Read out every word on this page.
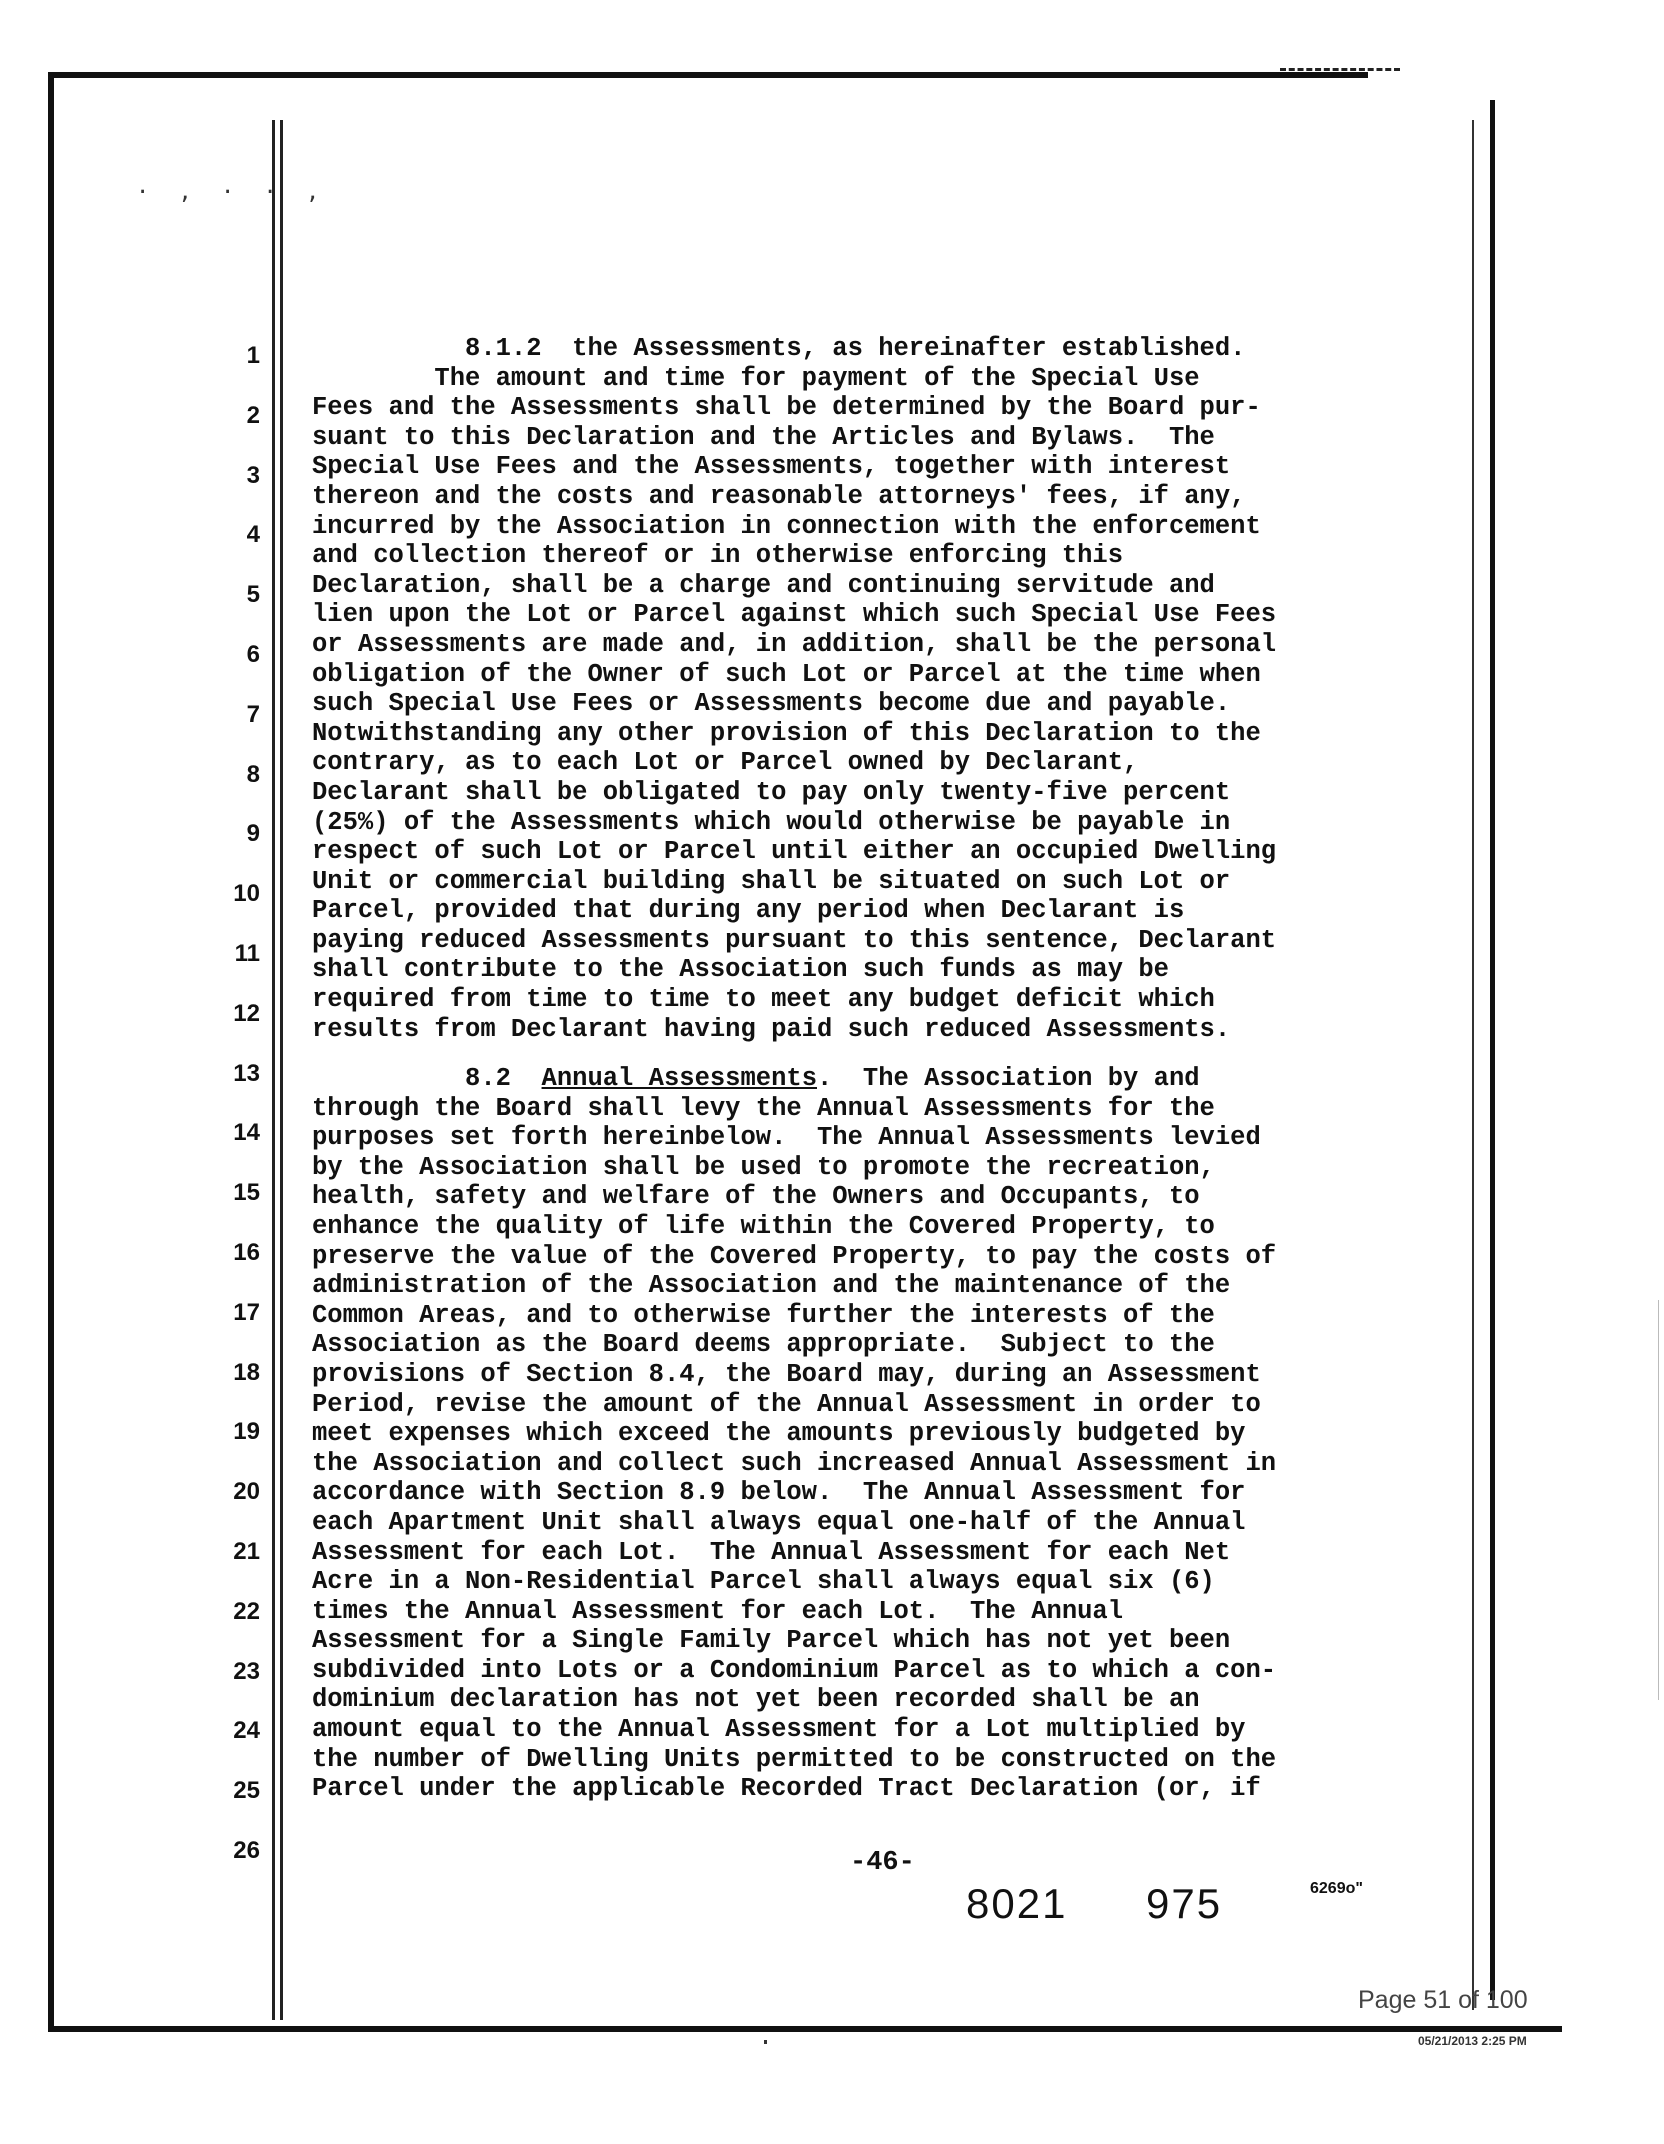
· , · · ,
1
2
3
4
5
6
7
8
9
10
11
12
13
14
15
16
17
18
19
20
21
22
23
24
25
26
8.1.2  the Assessments, as hereinafter established.
The amount and time for payment of the Special Use
Fees and the Assessments shall be determined by the Board pur-
suant to this Declaration and the Articles and Bylaws.  The
Special Use Fees and the Assessments, together with interest
thereon and the costs and reasonable attorneys' fees, if any,
incurred by the Association in connection with the enforcement
and collection thereof or in otherwise enforcing this
Declaration, shall be a charge and continuing servitude and
lien upon the Lot or Parcel against which such Special Use Fees
or Assessments are made and, in addition, shall be the personal
obligation of the Owner of such Lot or Parcel at the time when
such Special Use Fees or Assessments become due and payable.
Notwithstanding any other provision of this Declaration to the
contrary, as to each Lot or Parcel owned by Declarant,
Declarant shall be obligated to pay only twenty-five percent
(25%) of the Assessments which would otherwise be payable in
respect of such Lot or Parcel until either an occupied Dwelling
Unit or commercial building shall be situated on such Lot or
Parcel, provided that during any period when Declarant is
paying reduced Assessments pursuant to this sentence, Declarant
shall contribute to the Association such funds as may be
required from time to time to meet any budget deficit which
results from Declarant having paid such reduced Assessments.
8.2  Annual Assessments.  The Association by and
through the Board shall levy the Annual Assessments for the
purposes set forth hereinbelow.  The Annual Assessments levied
by the Association shall be used to promote the recreation,
health, safety and welfare of the Owners and Occupants, to
enhance the quality of life within the Covered Property, to
preserve the value of the Covered Property, to pay the costs of
administration of the Association and the maintenance of the
Common Areas, and to otherwise further the interests of the
Association as the Board deems appropriate.  Subject to the
provisions of Section 8.4, the Board may, during an Assessment
Period, revise the amount of the Annual Assessment in order to
meet expenses which exceed the amounts previously budgeted by
the Association and collect such increased Annual Assessment in
accordance with Section 8.9 below.  The Annual Assessment for
each Apartment Unit shall always equal one-half of the Annual
Assessment for each Lot.  The Annual Assessment for each Net
Acre in a Non-Residential Parcel shall always equal six (6)
times the Annual Assessment for each Lot.  The Annual
Assessment for a Single Family Parcel which has not yet been
subdivided into Lots or a Condominium Parcel as to which a con-
dominium declaration has not yet been recorded shall be an
amount equal to the Annual Assessment for a Lot multiplied by
the number of Dwelling Units permitted to be constructed on the
Parcel under the applicable Recorded Tract Declaration (or, if
-46-
8021 975	6269o"
Page 51 of 100
05/21/2013 2:25 PM
